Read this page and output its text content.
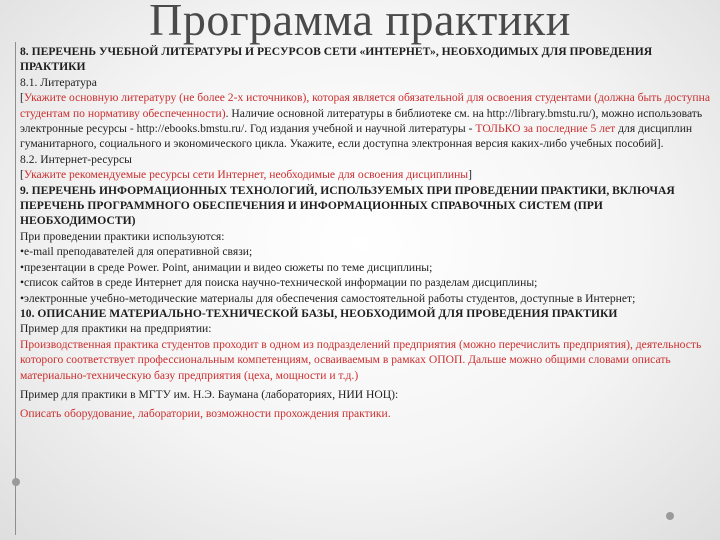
Программа практики

8. ПЕРЕЧЕНЬ УЧЕБНОЙ ЛИТЕРАТУРЫ И РЕСУРСОВ СЕТИ «ИНТЕРНЕТ», НЕОБХОДИМЫХ ДЛЯ ПРОВЕДЕНИЯ ПРАКТИКИ

8.1. Литература

[Укажите основную литературу (не более 2-х источников), которая является обязательной для освоения студентами (должна быть доступна студентам по нормативу обеспеченности). Наличие основной литературы в библиотеке см. на http://library.bmstu.ru/), можно использовать электронные ресурсы - http://ebooks.bmstu.ru/. Год издания учебной и научной литературы - ТОЛЬКО за последние 5 лет для дисциплин гуманитарного, социального и экономического цикла. Укажите, если доступна электронная версия каких-либо учебных пособий].

8.2. Интернет-ресурсы

[Укажите рекомендуемые ресурсы сети Интернет, необходимые для освоения дисциплины]

9. ПЕРЕЧЕНЬ ИНФОРМАЦИОННЫХ ТЕХНОЛОГИЙ, ИСПОЛЬЗУЕМЫХ ПРИ ПРОВЕДЕНИИ ПРАКТИКИ, ВКЛЮЧАЯ ПЕРЕЧЕНЬ ПРОГРАММНОГО ОБЕСПЕЧЕНИЯ И ИНФОРМАЦИОННЫХ СПРАВОЧНЫХ СИСТЕМ (ПРИ НЕОБХОДИМОСТИ)

При проведении практики используются:

•e-mail преподавателей для оперативной связи;

•презентации в среде Power. Point, анимации и видео сюжеты по теме дисциплины;

•список сайтов в среде Интернет для поиска научно-технической информации по разделам дисциплины;

•электронные учебно-методические материалы для обеспечения самостоятельной работы студентов, доступные в Интернет;

10. ОПИСАНИЕ МАТЕРИАЛЬНО-ТЕХНИЧЕСКОЙ БАЗЫ, НЕОБХОДИМОЙ ДЛЯ ПРОВЕДЕНИЯ ПРАКТИКИ

Пример для практики на предприятии:

Производственная практика студентов проходит в одном из подразделений предприятия (можно перечислить предприятия), деятельность которого соответствует профессиональным компетенциям, осваиваемым в рамках ОПОП. Дальше можно общими словами описать материально-техническую базу предприятия (цеха, мощности и т.д.)

Пример для практики в МГТУ им. Н.Э. Баумана (лабораториях, НИИ НОЦ):

Описать оборудование, лаборатории, возможности прохождения практики.
